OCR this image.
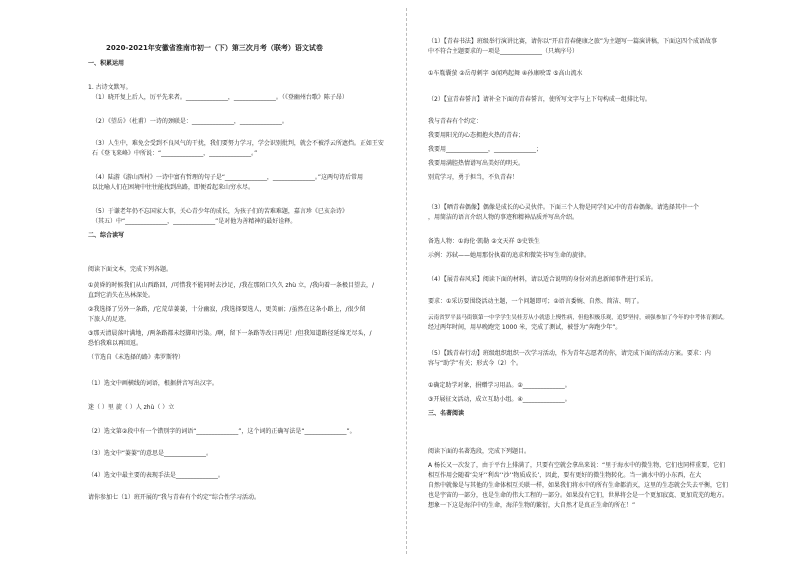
2020-2021年安徽省淮南市初一（下）第三次月考（联考）语文试卷
一、积累运用
1. 古诗文默写。
（1）晓开复上后人，厉平先来者。______________，______________。（《登幽州台歌》陈子昂）
（2）《望岳》（杜甫）一诗的颈联是：______________，______________。
（3）人生中，难免会受到不良风气的干扰，我们要努力学习，学会识别批判，就会不被浮云所遮挡。正如王安
石《登飞来峰》中所说：“______________，______________。”
（4）陆游《游山西村》一诗中富有哲理的句子是“______________，______________。”这两句诗后常用
以比喻人们在困境中往往能找到出路，即便看起来山穷水尽。
（5）于谦老年仍不忘国家大事，关心青少年的成长，为孩子们的苦难难题，嘉言珍《已亥杂诗》
（其五）中“______________，______________”是对他为善精神的最好诠释。
二、综合读写
阅读下面文本，完成下列各题。
①黄昏的时候我们从山西路回，/可惜我不能同时去沙足，/我在那陌口久久 zhù 立，/我向着一条极目望去，/
直到它消失在丛林深处。
②我选择了另外一条路，/它荒草萋萋，十分幽寂，/我选择要选人，更美丽；/虽然在这条小路上，/很少留
下旅人的足迹。
③那天清晨落叶满地，/两条路都未经脚印污染。/啊，留下一条路等改日再见！/但我知道路径延绵无尽头，/
恐怕我难以再回返。
（节选自《未选择的路》弗罗斯特）
（1）选文中画横线的词语，根据拼音写出汉字。
迷（ ）里 旋（ ）人 zhù（ ）立
（2）选文第②段中有一个错别字的词语“______________”，这个词的正确写法是“______________”。
（3）选文中“萋萋”的意思是______________。
（4）选文中最主要的表现手法是______________。
请你参加七（1）班开展的“我与青春有个约定”综合性学习活动。
（1）【青春书法】班级举行演讲比赛，请你以“开启青春健康之旅”为主题写一篇演讲稿，下面这四个成语故事
中不符合主题要求的一项是______________（只填序号）
①车胤囊萤 ②岳母刺字 ③闻鸡起舞 ④孙康映雪 ⑤高山流水
（2）【宣青春誓言】请补全下面的青春誓言，使所写文字与上下句构成一组排比句。
我与青春有个约定：
我要用阳光的心态拥抱火热的青春；
我要用______________，______________；
我要用满腔热情谱写出美好的明天。
别荒学习，勇于担当，不负青春！
（3）【晒青春偶像】偶像是成长的心灵伙伴。下面三个人物是同学们心中的青春偶像。请选择其中一个
，用简洁的语言介绍人物的事迹和精神品质并写出介绍。
备选人物：①海伦·凯勒 ②文天祥 ③史铁生
示例：苏轼——她用那份执着的追求和微笑书写生命的旋律。
（4）【展青春风采】阅读下面的材料，请以适合说明的身份对消息新闻事件进行采访。
要求：①采访要围绕活动主题，一个问题即可；②语言委婉、自然、简洁、明了。
云南省罗平县马街镇第一中学学生吴桂芳从小就患上慢性病，但他积极乐观，追梦坚持，顽强参加了今年的中考体育测试。
经过两年时间，用早晚跑完 1000 米，完成了测试，被誉为“奔跑少年”。
（5）【践青春行动】班级组织组织一次学习活动，作为青年志愿者的你，请完成下面的活动方案。要求：内
容与“助学”有关；形式今（2）个。
①确定助学对象，捐赠学习用品。②______________。
③开展征文活动，成立互助小组。④______________。
三、名著阅读
阅读下面的名著选段，完成下列题目。
A 杨长又一次发了，由于平台上排满了，只要有空就会拿出来说：“里于海水中的微生物，它们也同样重要，它们
相互作用会随着‘尖牙’‘利齿’‘沙’‘物质成长’，因此，要有更好的微生物转化。当一滴水中的小东西，在大
自然中就像是与其他的生命体相互关联一样，如果我们将水中的所有生命都消灭，这里的生态就会失去平衡，它们
也是宇宙的一部分，也是生命的伟大工程的一部分。如果没有它们，世界将会是一个更加寂寞、更加荒芜的地方。
想象一下这是海洋中的生命，海洋生物的繁衍，大自然才是真正生命的所在！”
